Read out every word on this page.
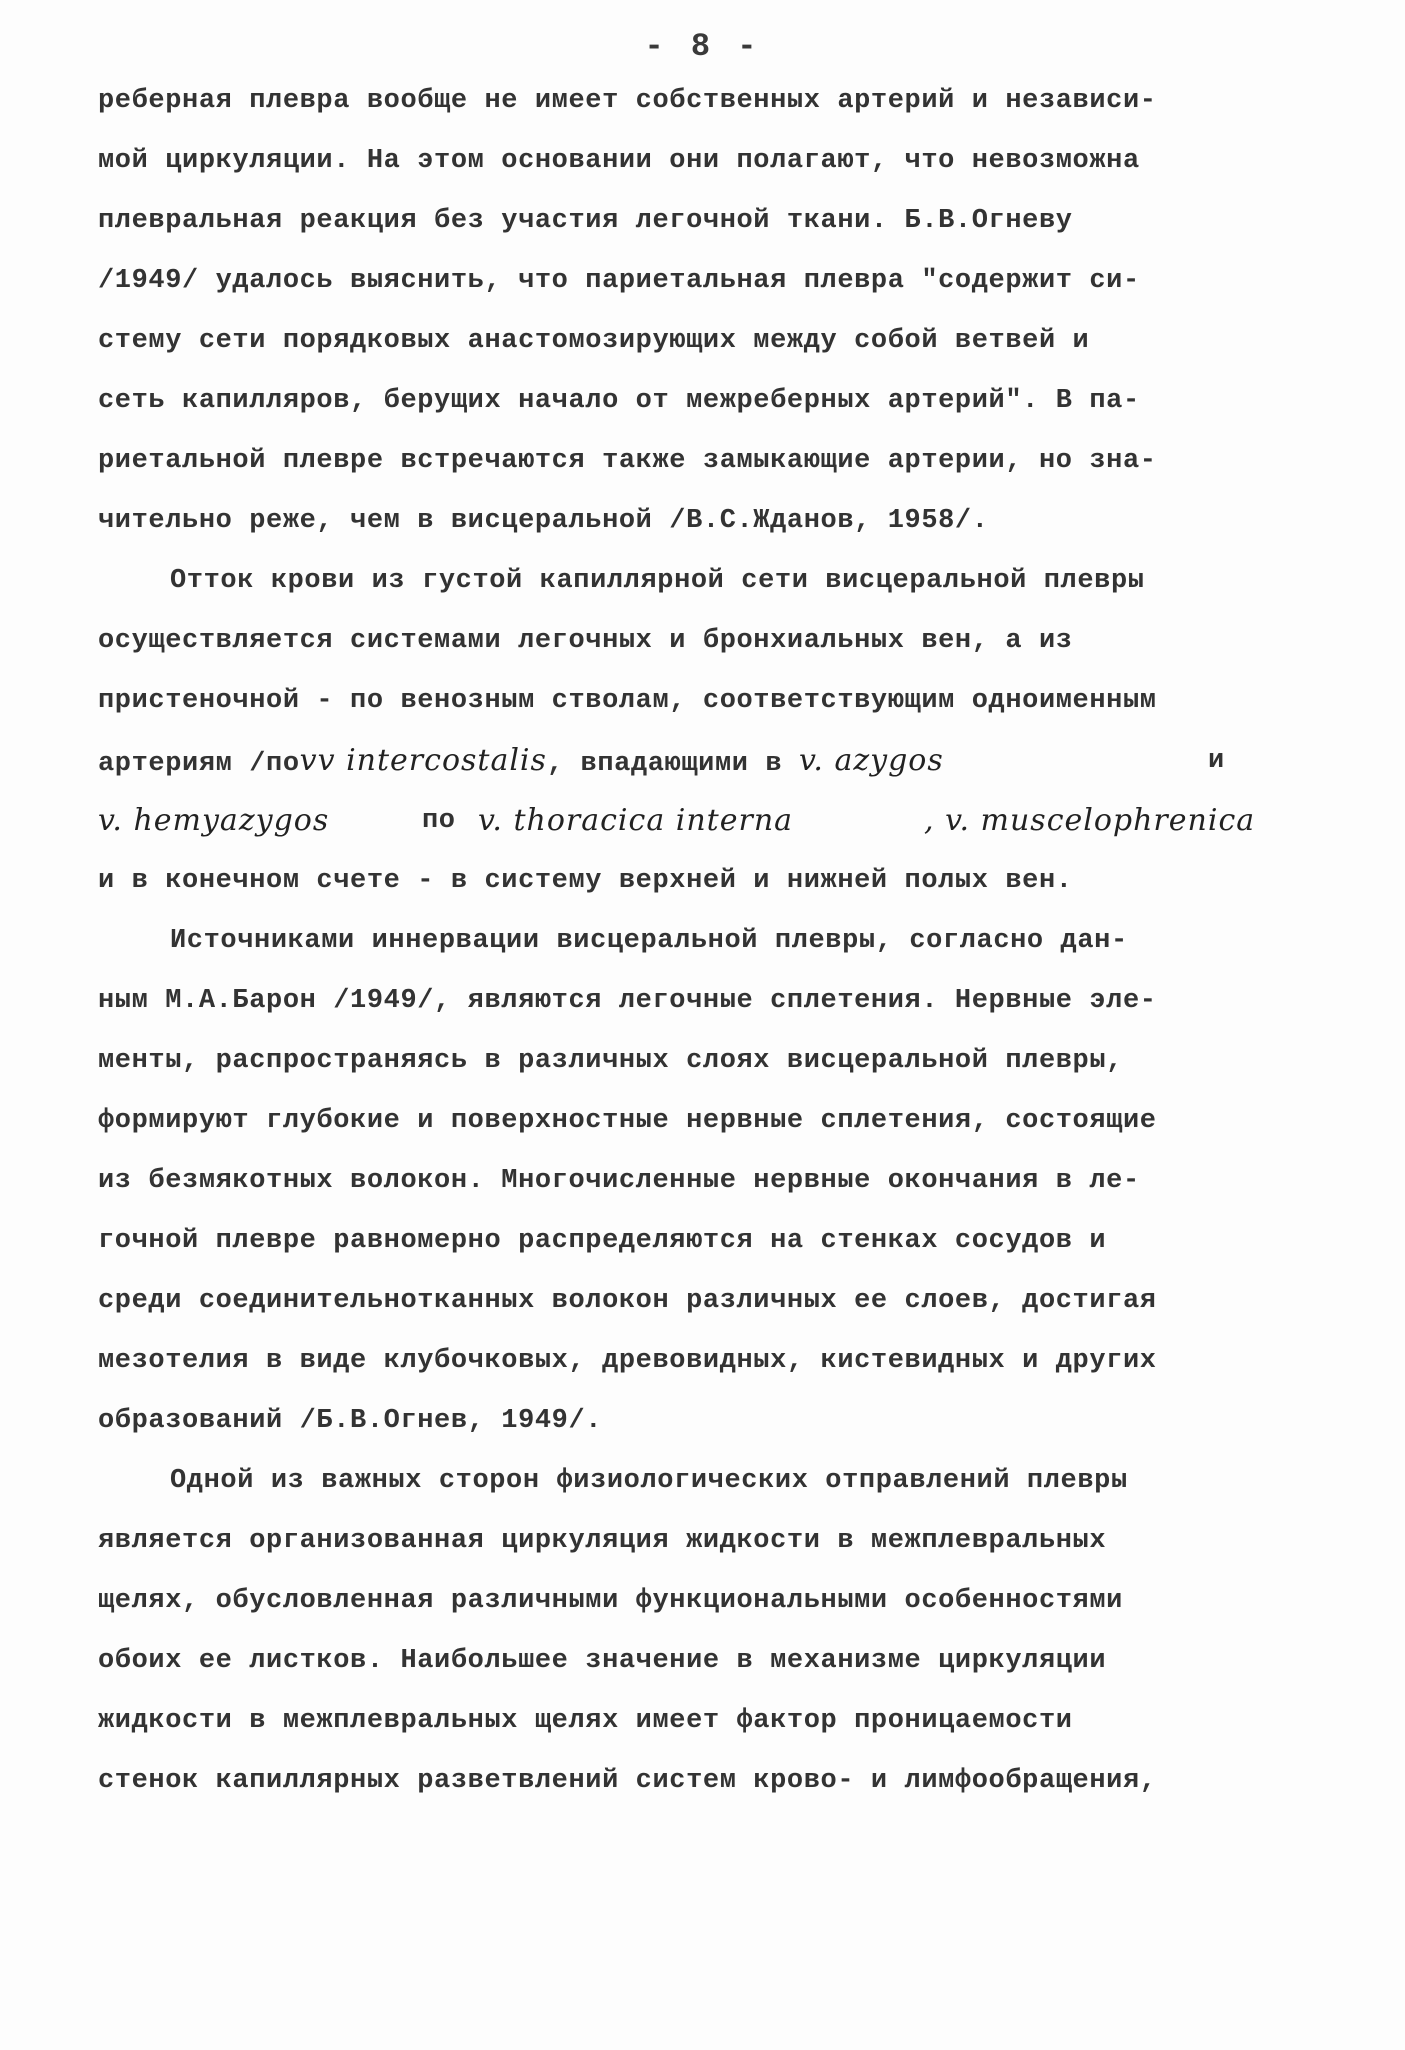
- 8 -
реберная плевра вообще не имеет собственных артерий и независи-
мой циркуляции. На этом основании они полагают, что невозможна
плевральная реакция без участия легочной ткани. Б.В.Огневу
/1949/ удалось выяснить, что париетальная плевра "содержит си-
стему сети порядковых анастомозирующих между собой ветвей и
сеть капилляров, берущих начало от межреберных артерий". В па-
риетальной плевре встречаются также замыкающие артерии, но зна-
чительно реже, чем в висцеральной /В.С.Жданов, 1958/.
Отток крови из густой капиллярной сети висцеральной плевры
осуществляется системами легочных и бронхиальных вен, а из
пристеночной - по венозным стволам, соответствующим одноименным
артериям /поvv intercostalis, впадающими в v. azygos	и
v. hemyazygos	по v. thoracica interna	, v. muscelophrenica
и в конечном счете - в систему верхней и нижней полых вен.
Источниками иннервации висцеральной плевры, согласно дан-
ным М.А.Барон /1949/, являются легочные сплетения. Нервные эле-
менты, распространяясь в различных слоях висцеральной плевры,
формируют глубокие и поверхностные нервные сплетения, состоящие
из безмякотных волокон. Многочисленные нервные окончания в ле-
гочной плевре равномерно распределяются на стенках сосудов и
среди соединительнотканных волокон различных ее слоев, достигая
мезотелия в виде клубочковых, древовидных, кистевидных и других
образований /Б.В.Огнев, 1949/.
Одной из важных сторон физиологических отправлений плевры
является организованная циркуляция жидкости в межплевральных
щелях, обусловленная различными функциональными особенностями
обоих ее листков. Наибольшее значение в механизме циркуляции
жидкости в межплевральных щелях имеет фактор проницаемости
стенок капиллярных разветвлений систем крово- и лимфообращения,
